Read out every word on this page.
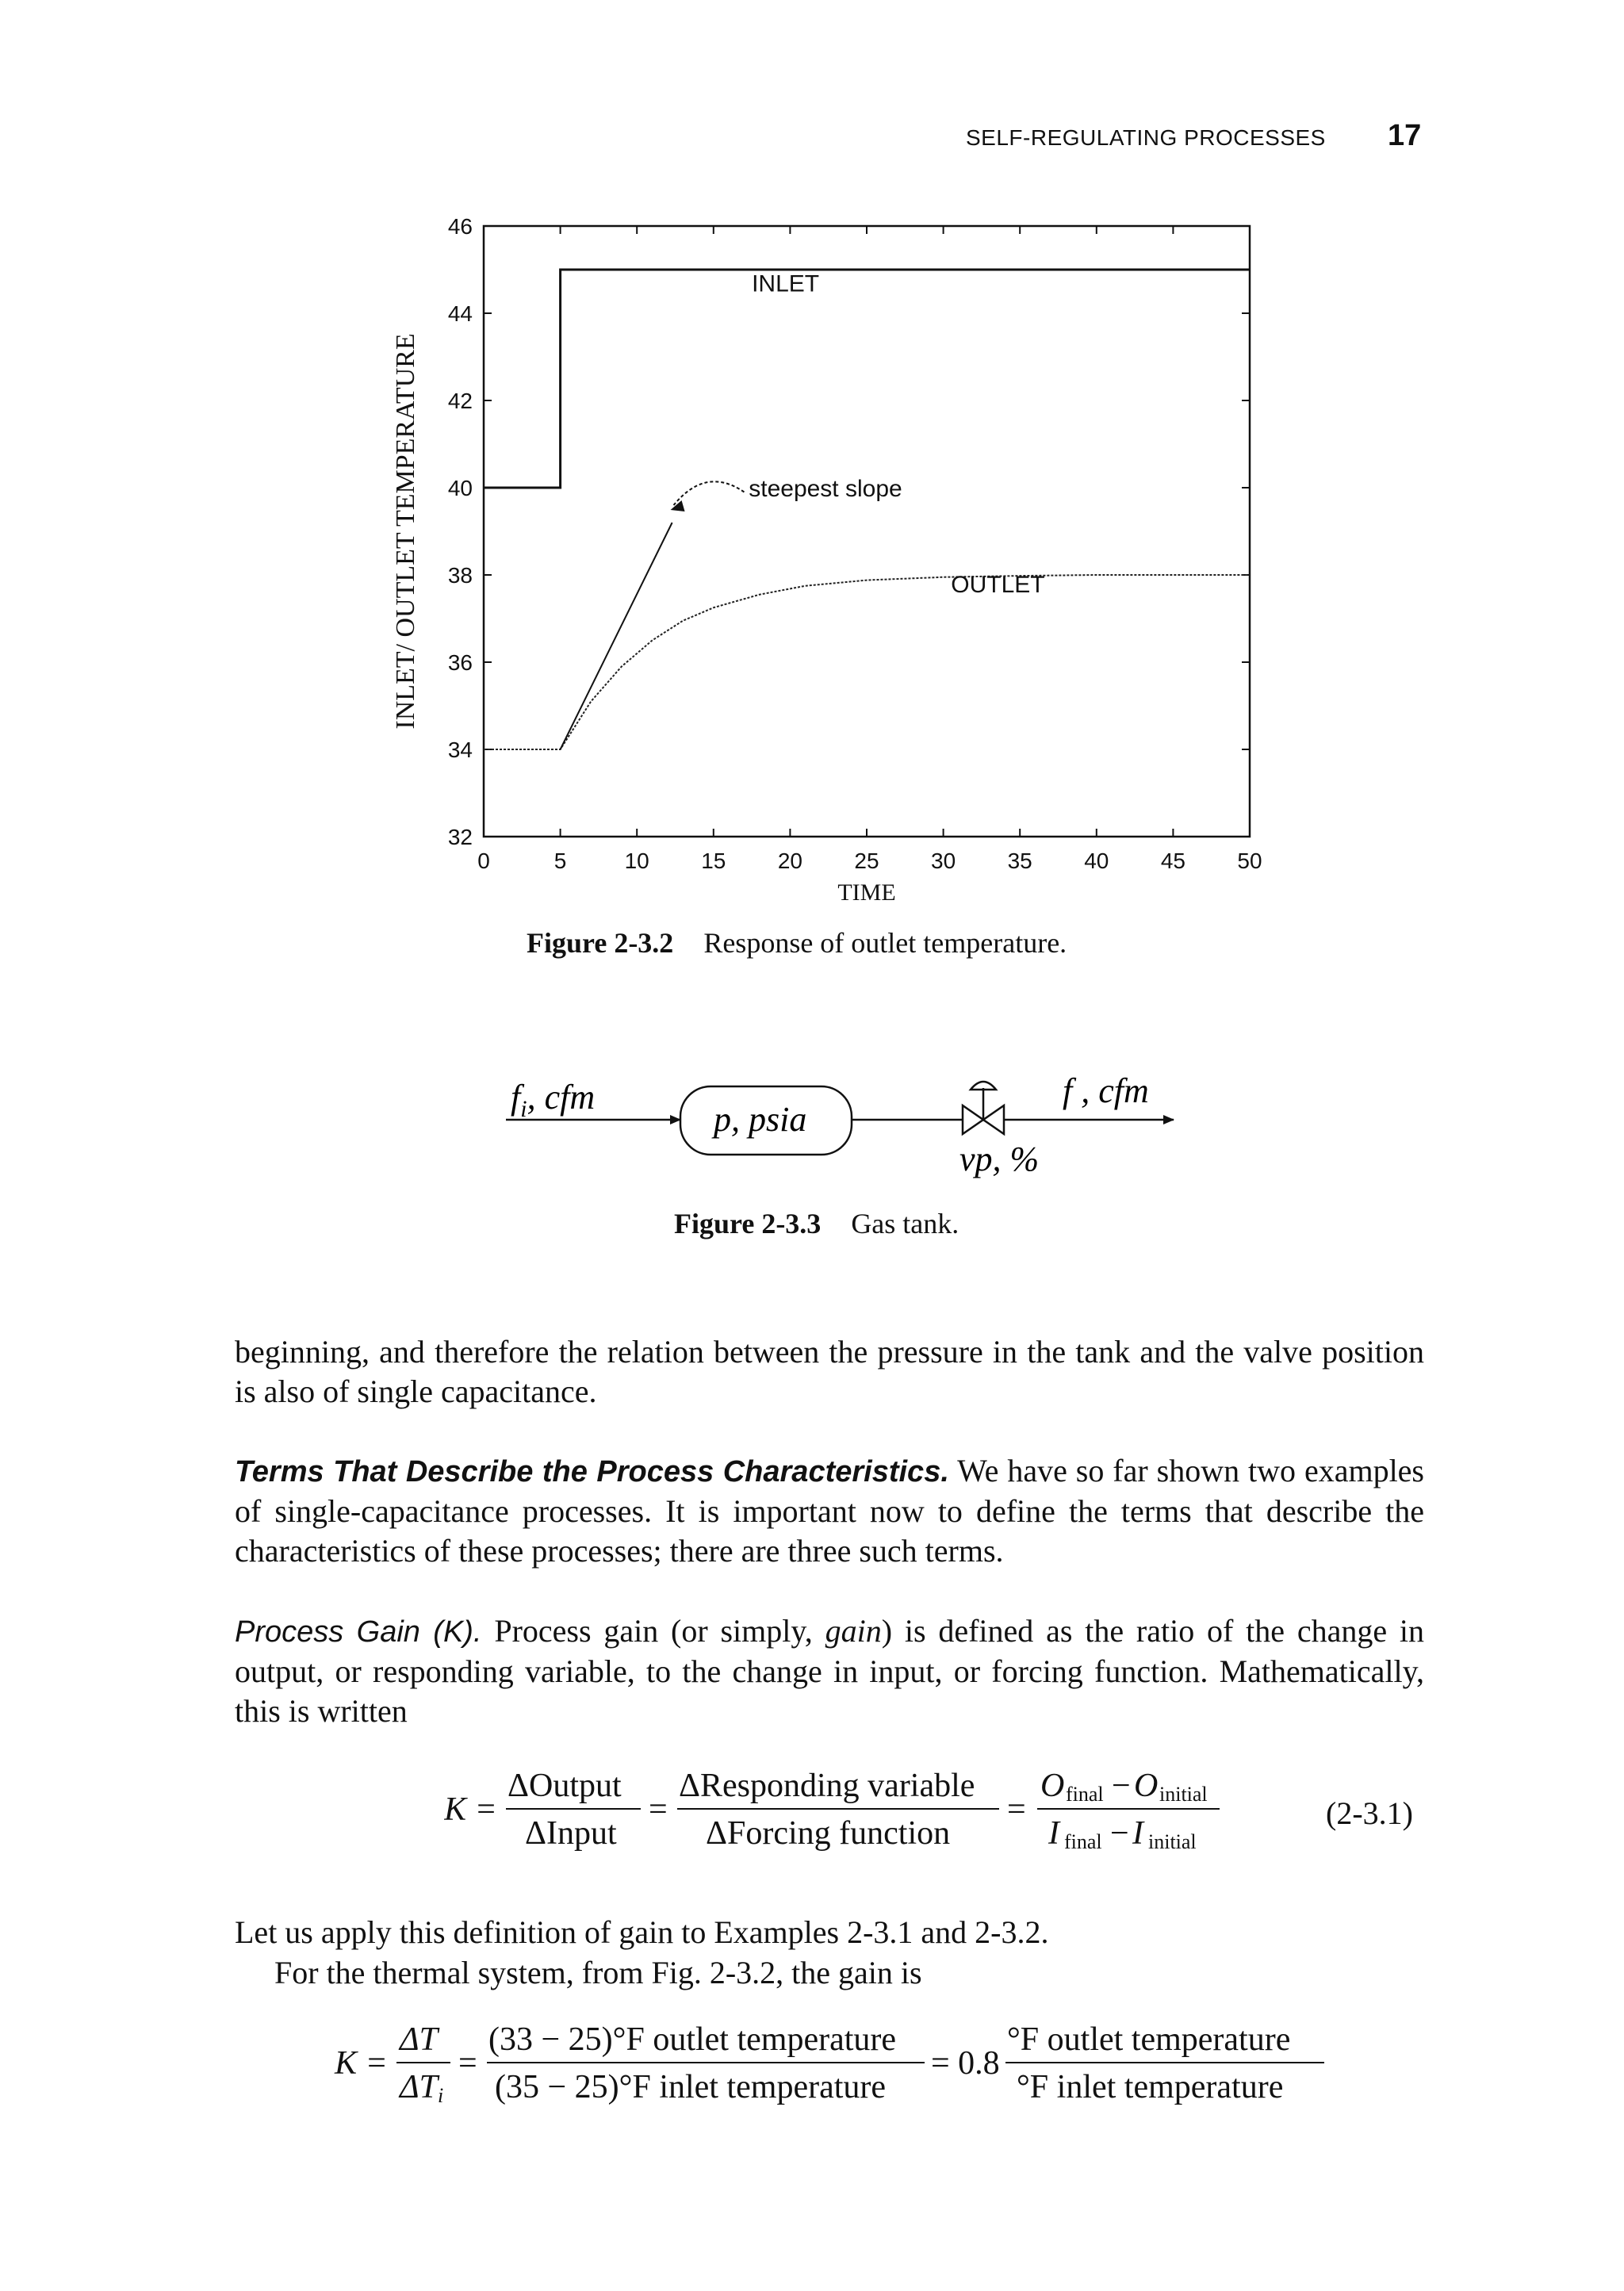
SELF-REGULATING PROCESSES 17
0	5	10 15 20 25 30 35 40 45 50
32
34
36
38
40
42
44
46
TIME
INLET/ OUTLET TEMPERATURE
INLET
OUTLET
steepest slope
Figure 2-3.2 Response of outlet temperature.
$f_i$, cfm
p, psia
f , cfm
vp, %
Figure 2-3.3 Gas tank.
beginning, and therefore the relation between the pressure in the tank and the valve position is also of single capacitance.
Terms That Describe the Process Characteristics. We have so far shown two examples of single-capacitance processes. It is important now to define the terms that describe the characteristics of these processes; there are three such terms.
Process Gain (K). Process gain (or simply, gain) is defined as the ratio of the change in output, or responding variable, to the change in input, or forcing function. Mathematically, this is written
K =
ΔOutput
ΔInput
=
ΔResponding variable
ΔForcing function
=
O final − O initial
I final − I initial
(2-3.1)
Let us apply this definition of gain to Examples 2-3.1 and 2-3.2.
For the thermal system, from Fig. 2-3.2, the gain is
K =
ΔT
ΔTi
=
(33 − 25)°F outlet temperature
(35 − 25)°F inlet temperature
= 0.8
°F outlet temperature
°F inlet temperature
